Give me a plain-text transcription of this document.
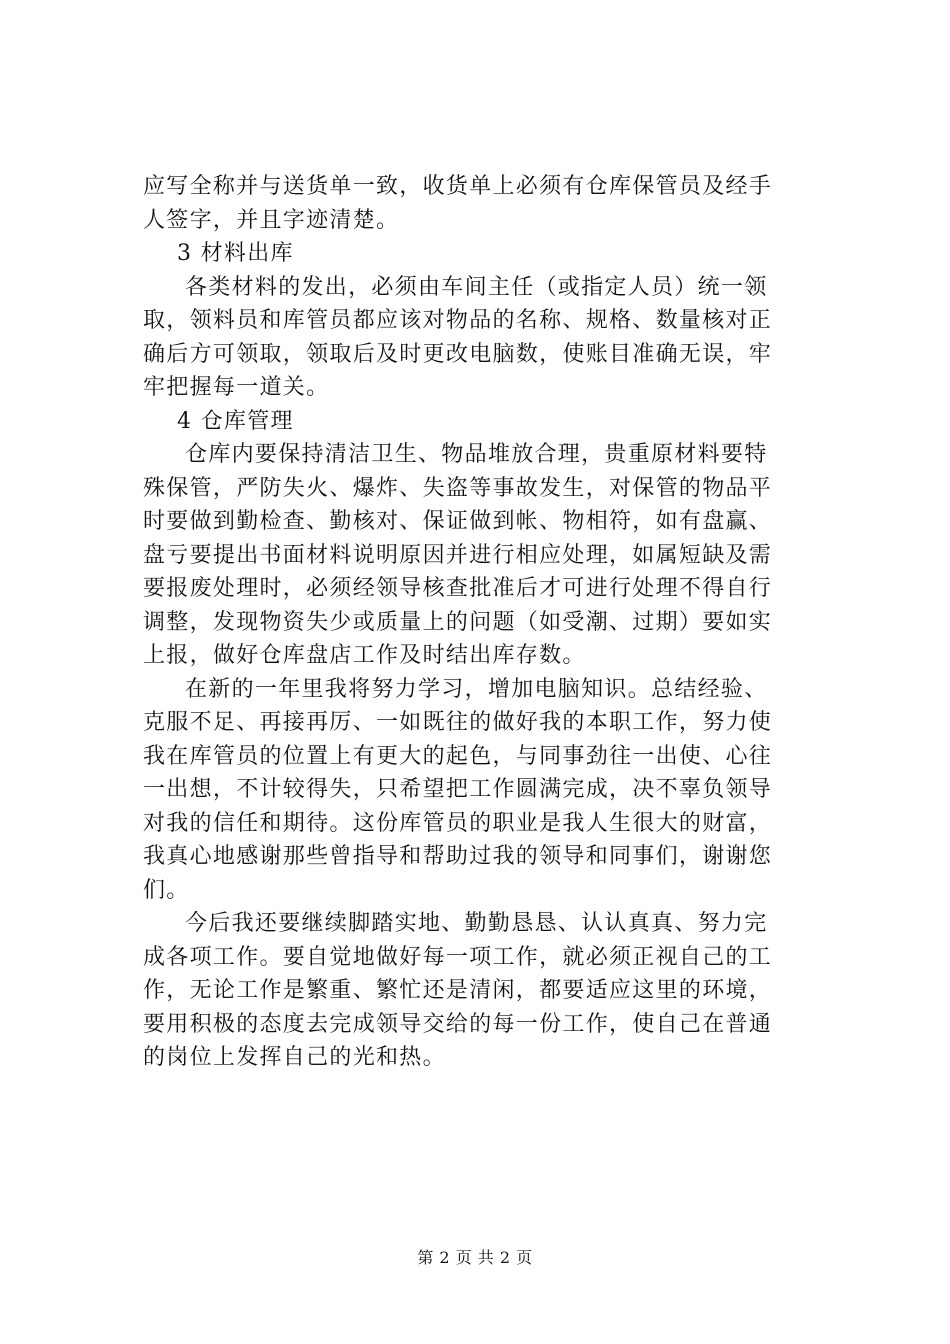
应写全称并与送货单一致，收货单上必须有仓库保管员及经手
人签字，并且字迹清楚。
3 材料出库
各类材料的发出，必须由车间主任（或指定人员）统一领
取，领料员和库管员都应该对物品的名称、规格、数量核对正
确后方可领取，领取后及时更改电脑数，使账目准确无误，牢
牢把握每一道关。
4 仓库管理
仓库内要保持清洁卫生、物品堆放合理，贵重原材料要特
殊保管，严防失火、爆炸、失盗等事故发生，对保管的物品平
时要做到勤检查、勤核对、保证做到帐、物相符，如有盘赢、
盘亏要提出书面材料说明原因并进行相应处理，如属短缺及需
要报废处理时，必须经领导核查批准后才可进行处理不得自行
调整，发现物资失少或质量上的问题（如受潮、过期）要如实
上报，做好仓库盘店工作及时结出库存数。
在新的一年里我将努力学习，增加电脑知识。总结经验、
克服不足、再接再厉、一如既往的做好我的本职工作，努力使
我在库管员的位置上有更大的起色，与同事劲往一出使、心往
一出想，不计较得失，只希望把工作圆满完成，决不辜负领导
对我的信任和期待。这份库管员的职业是我人生很大的财富，
我真心地感谢那些曾指导和帮助过我的领导和同事们，谢谢您
们。
今后我还要继续脚踏实地、勤勤恳恳、认认真真、努力完
成各项工作。要自觉地做好每一项工作，就必须正视自己的工
作，无论工作是繁重、繁忙还是清闲，都要适应这里的环境，
要用积极的态度去完成领导交给的每一份工作，使自己在普通
的岗位上发挥自己的光和热。
第 2 页 共 2 页
